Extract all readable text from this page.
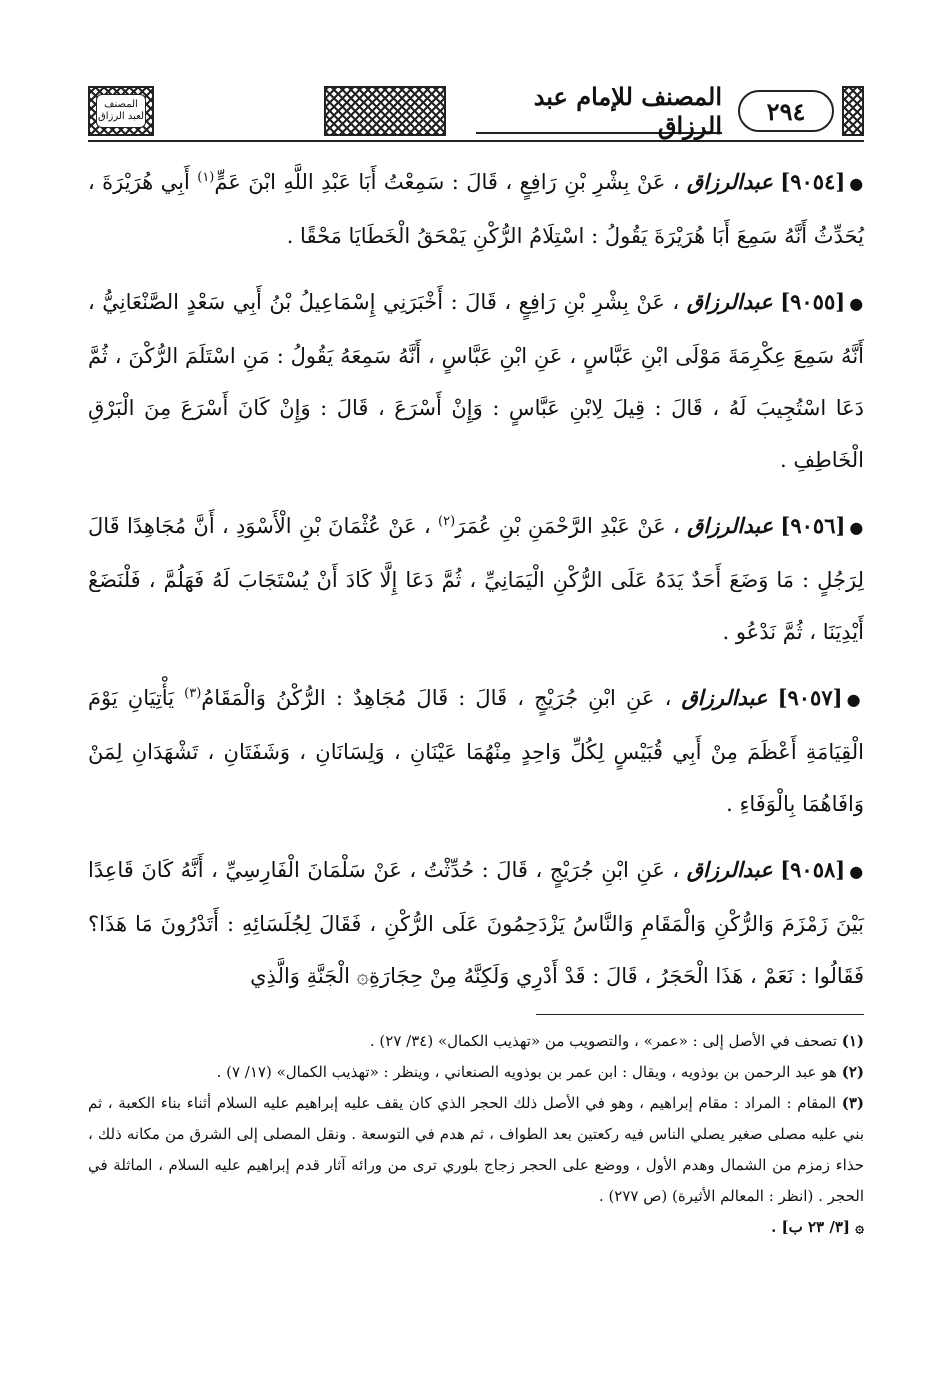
المصنف لعبد الرزاق	٢٩٤
المصنف للإمام عبد الرزاق

●[٩٠٥٤] عبدالرزاق ، عَنْ بِشْرِ بْنِ رَافِعٍ ، قَالَ : سَمِعْتُ أَبَا عَبْدِ اللَّهِ ابْنَ عَمٍّ$^{(١)}$ أَبِي هُرَيْرَةَ ، يُحَدِّثُ أَنَّهُ سَمِعَ أَبَا هُرَيْرَةَ يَقُولُ : اسْتِلَامُ الرُّكْنِ يَمْحَقُ الْخَطَايَا مَحْقًا .

●[٩٠٥٥] عبدالرزاق ، عَنْ بِشْرِ بْنِ رَافِعٍ ، قَالَ : أَخْبَرَنِي إِسْمَاعِيلُ بْنُ أَبِي سَعْدٍ الصَّنْعَانِيُّ ، أَنَّهُ سَمِعَ عِكْرِمَةَ مَوْلَى ابْنِ عَبَّاسٍ ، عَنِ ابْنِ عَبَّاسٍ ، أَنَّهُ سَمِعَهُ يَقُولُ : مَنِ اسْتَلَمَ الرُّكْنَ ، ثُمَّ دَعَا اسْتُجِيبَ لَهُ ، قَالَ : قِيلَ لِابْنِ عَبَّاسٍ : وَإِنْ أَسْرَعَ ، قَالَ : وَإِنْ كَانَ أَسْرَعَ مِنَ الْبَرْقِ الْخَاطِفِ .

●[٩٠٥٦] عبدالرزاق ، عَنْ عَبْدِ الرَّحْمَنِ بْنِ عُمَرَ$^{(٢)}$ ، عَنْ عُثْمَانَ بْنِ الْأَسْوَدِ ، أَنَّ مُجَاهِدًا قَالَ لِرَجُلٍ : مَا وَضَعَ أَحَدٌ يَدَهُ عَلَى الرُّكْنِ الْيَمَانِيِّ ، ثُمَّ دَعَا إِلَّا كَادَ أَنْ يُسْتَجَابَ لَهُ فَهَلُمَّ ، فَلْنَضَعْ أَيْدِيَنَا ، ثُمَّ نَدْعُو .

●[٩٠٥٧] عبدالرزاق ، عَنِ ابْنِ جُرَيْجٍ ، قَالَ : قَالَ مُجَاهِدٌ : الرُّكْنُ وَالْمَقَامُ$^{(٣)}$ يَأْتِيَانِ يَوْمَ الْقِيَامَةِ أَعْظَمَ مِنْ أَبِي قُبَيْسٍ لِكُلِّ وَاحِدٍ مِنْهُمَا عَيْنَانِ ، وَلِسَانَانِ ، وَشَفَتَانِ ، تَشْهَدَانِ لِمَنْ وَافَاهُمَا بِالْوَفَاءِ .

●[٩٠٥٨] عبدالرزاق ، عَنِ ابْنِ جُرَيْجٍ ، قَالَ : حُدِّثْتُ ، عَنْ سَلْمَانَ الْفَارِسِيِّ ، أَنَّهُ كَانَ قَاعِدًا بَيْنَ زَمْزَمَ وَالرُّكْنِ وَالْمَقَامِ وَالنَّاسُ يَزْدَحِمُونَ عَلَى الرُّكْنِ ، فَقَالَ لِجُلَسَائِهِ : أَتَدْرُونَ مَا هَذَا؟ فَقَالُوا : نَعَمْ ، هَذَا الْحَجَرُ ، قَالَ : قَدْ أَدْرِي وَلَكِنَّهُ مِنْ حِجَارَةِ۞ الْجَنَّةِ وَالَّذِي

(١) تصحف في الأصل إلى : «عمر» ، والتصويب من «تهذيب الكمال» (٣٤/ ٢٧) .

(٢) هو عبد الرحمن بن بوذويه ، ويقال : ابن عمر بن بوذويه الصنعاني ، وينظر : «تهذيب الكمال» (١٧/ ٧) .

(٣) المقام : المراد : مقام إبراهيم ، وهو في الأصل ذلك الحجر الذي كان يقف عليه إبراهيم عليه السلام أثناء بناء الكعبة ، ثم بني عليه مصلى صغير يصلي الناس فيه ركعتين بعد الطواف ، ثم هدم في التوسعة . ونقل المصلى إلى الشرق من مكانه ذلك ، حذاء زمزم من الشمال وهدم الأول ، ووضع على الحجر زجاج بلوري ترى من ورائه آثار قدم إبراهيم عليه السلام ، الماثلة في الحجر . (انظر : المعالم الأثيرة) (ص ٢٧٧) .

۞ [٣/ ٢٣ ب] .
